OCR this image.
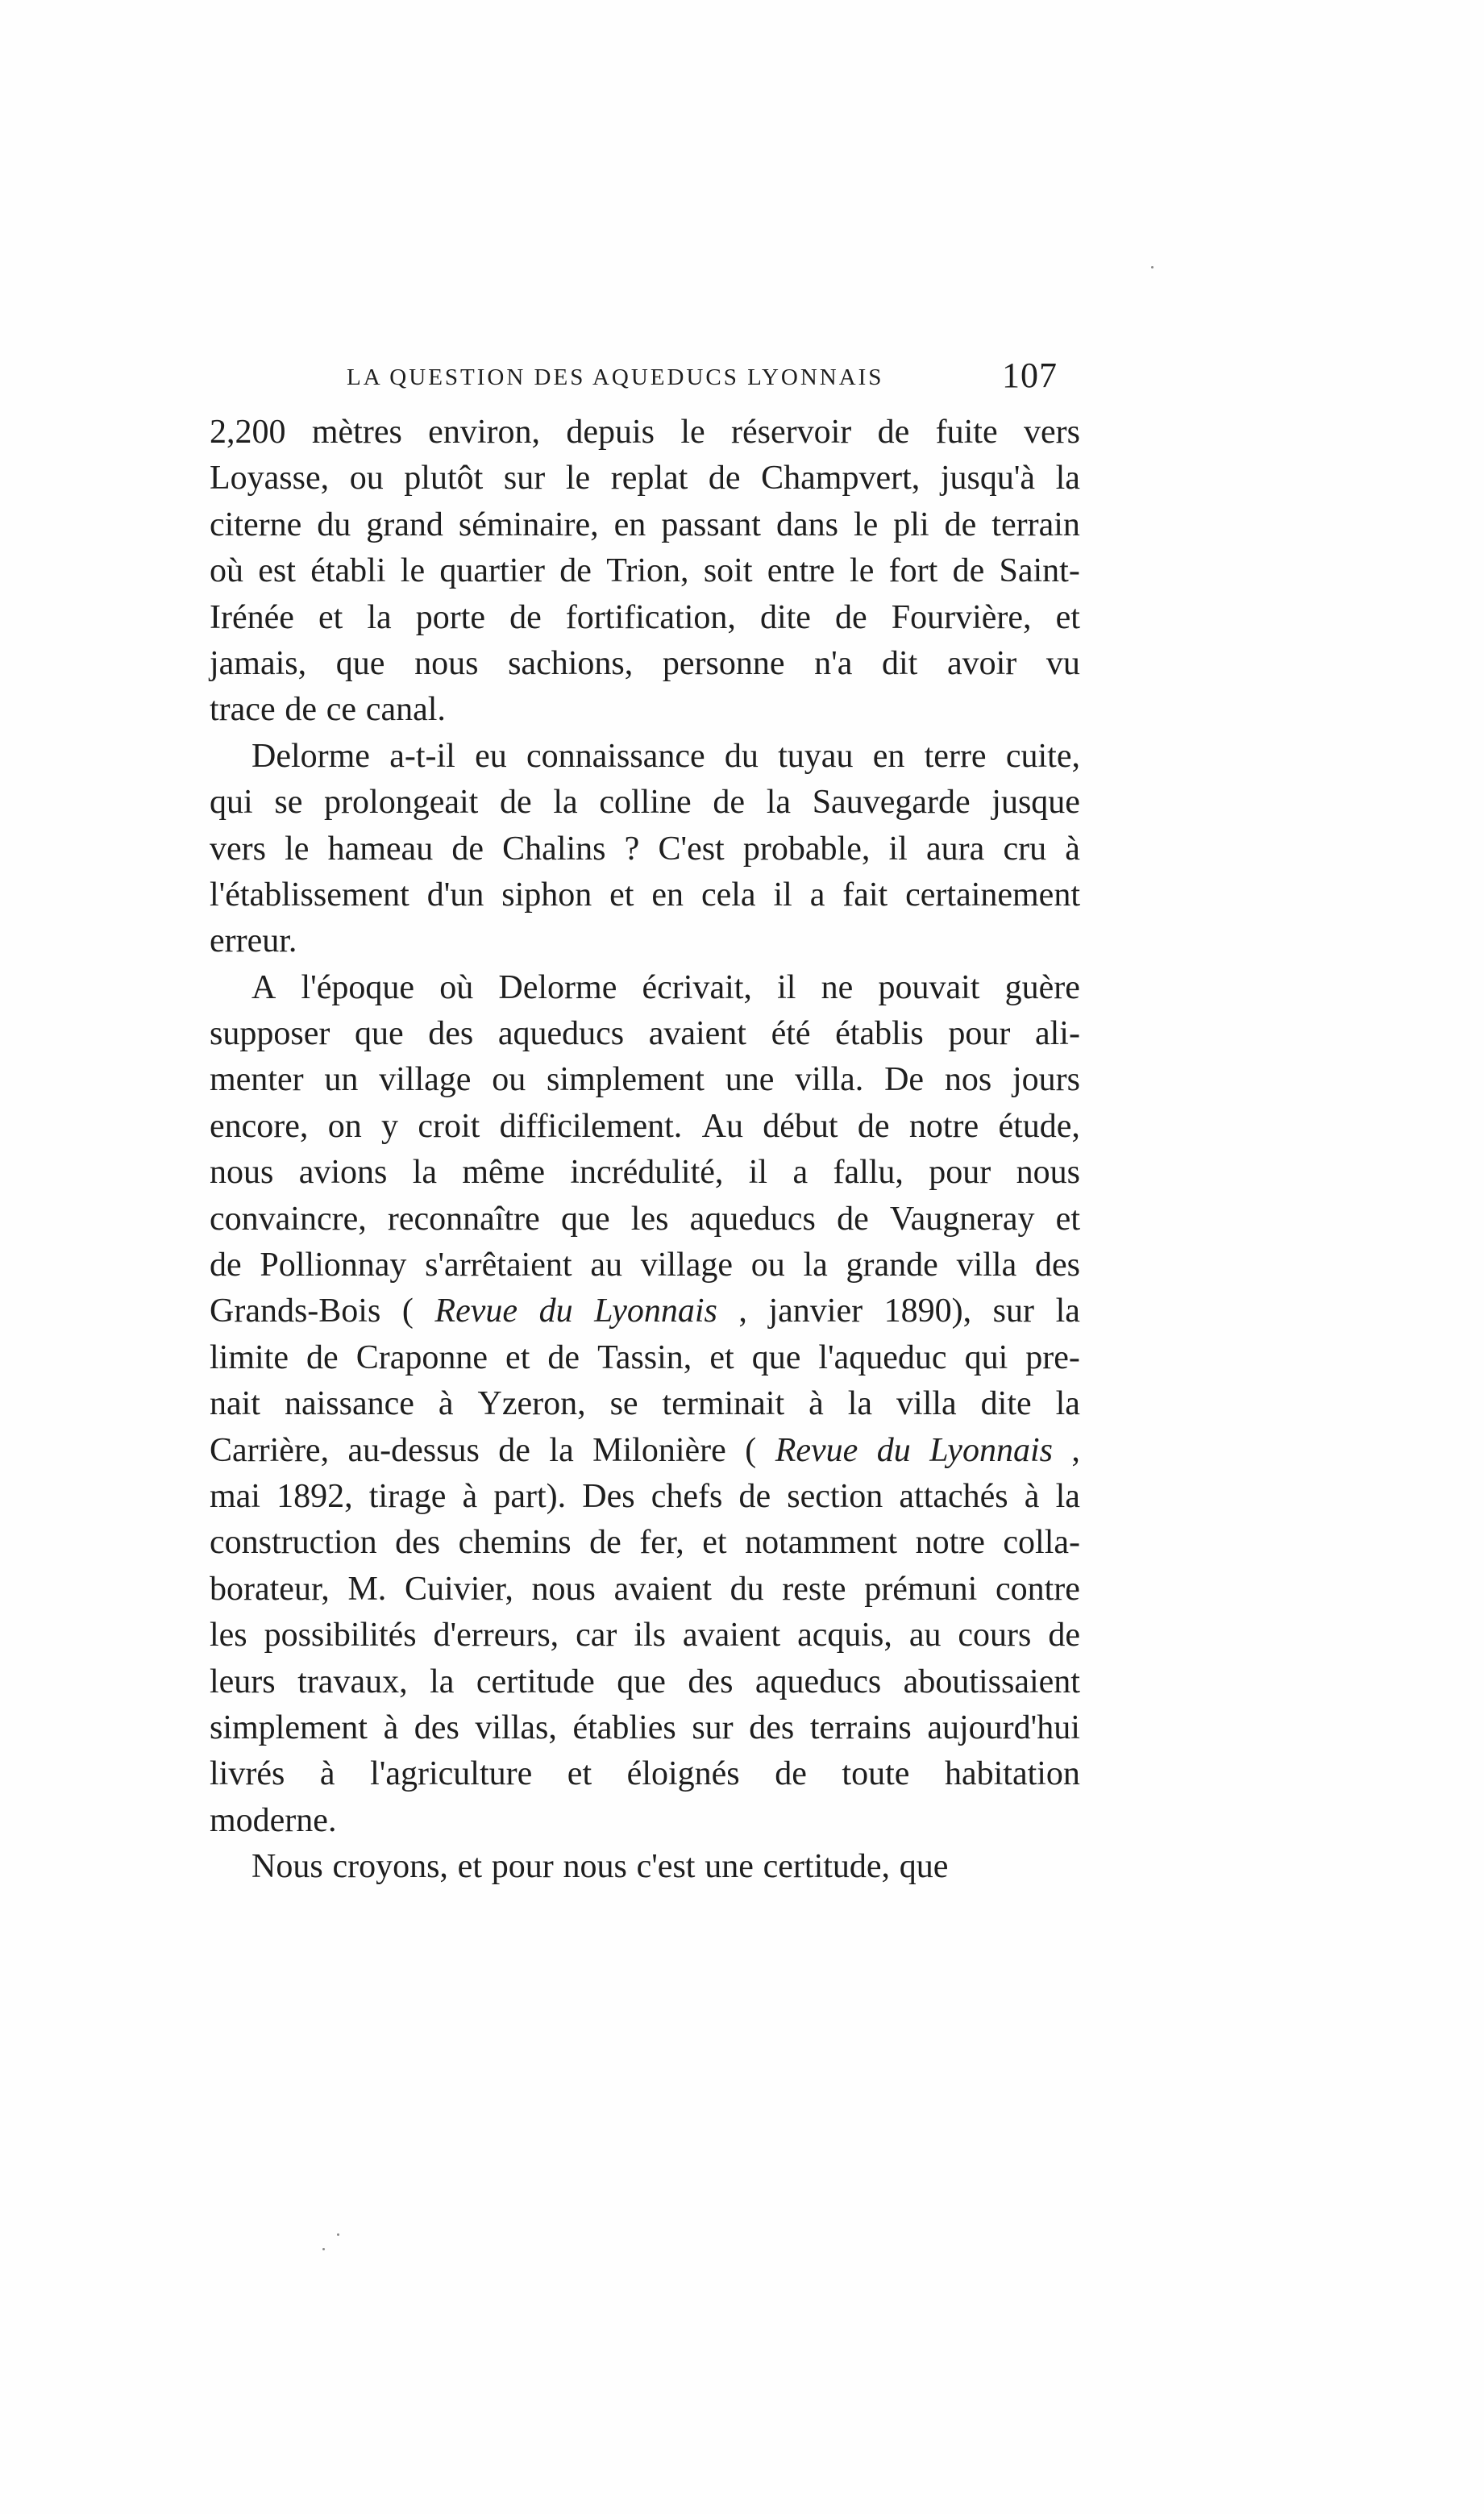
LA QUESTION DES AQUEDUCS LYONNAIS	107
2,200 mètres environ, depuis le réservoir de fuite vers
Loyasse, ou plutôt sur le replat de Champvert, jusqu'à la
citerne du grand séminaire, en passant dans le pli de terrain
où est établi le quartier de Trion, soit entre le fort de Saint-
Irénée et la porte de fortification, dite de Fourvière, et
jamais, que nous sachions, personne n'a dit avoir vu
trace de ce canal.
Delorme a-t-il eu connaissance du tuyau en terre cuite,
qui se prolongeait de la colline de la Sauvegarde jusque
vers le hameau de Chalins ? C'est probable, il aura cru à
l'établissement d'un siphon et en cela il a fait certainement
erreur.
A l'époque où Delorme écrivait, il ne pouvait guère
supposer que des aqueducs avaient été établis pour ali-
menter un village ou simplement une villa. De nos jours
encore, on y croit difficilement. Au début de notre étude,
nous avions la même incrédulité, il a fallu, pour nous
convaincre, reconnaître que les aqueducs de Vaugneray et
de Pollionnay s'arrêtaient au village ou la grande villa des
Grands-Bois ( Revue du Lyonnais , janvier 1890), sur la
limite de Craponne et de Tassin, et que l'aqueduc qui pre-
nait naissance à Yzeron, se terminait à la villa dite la
Carrière, au-dessus de la Milonière ( Revue du Lyonnais ,
mai 1892, tirage à part). Des chefs de section attachés à la
construction des chemins de fer, et notamment notre colla-
borateur, M. Cuivier, nous avaient du reste prémuni contre
les possibilités d'erreurs, car ils avaient acquis, au cours de
leurs travaux, la certitude que des aqueducs aboutissaient
simplement à des villas, établies sur des terrains aujourd'hui
livrés à l'agriculture et éloignés de toute habitation
moderne.
Nous croyons, et pour nous c'est une certitude, que
